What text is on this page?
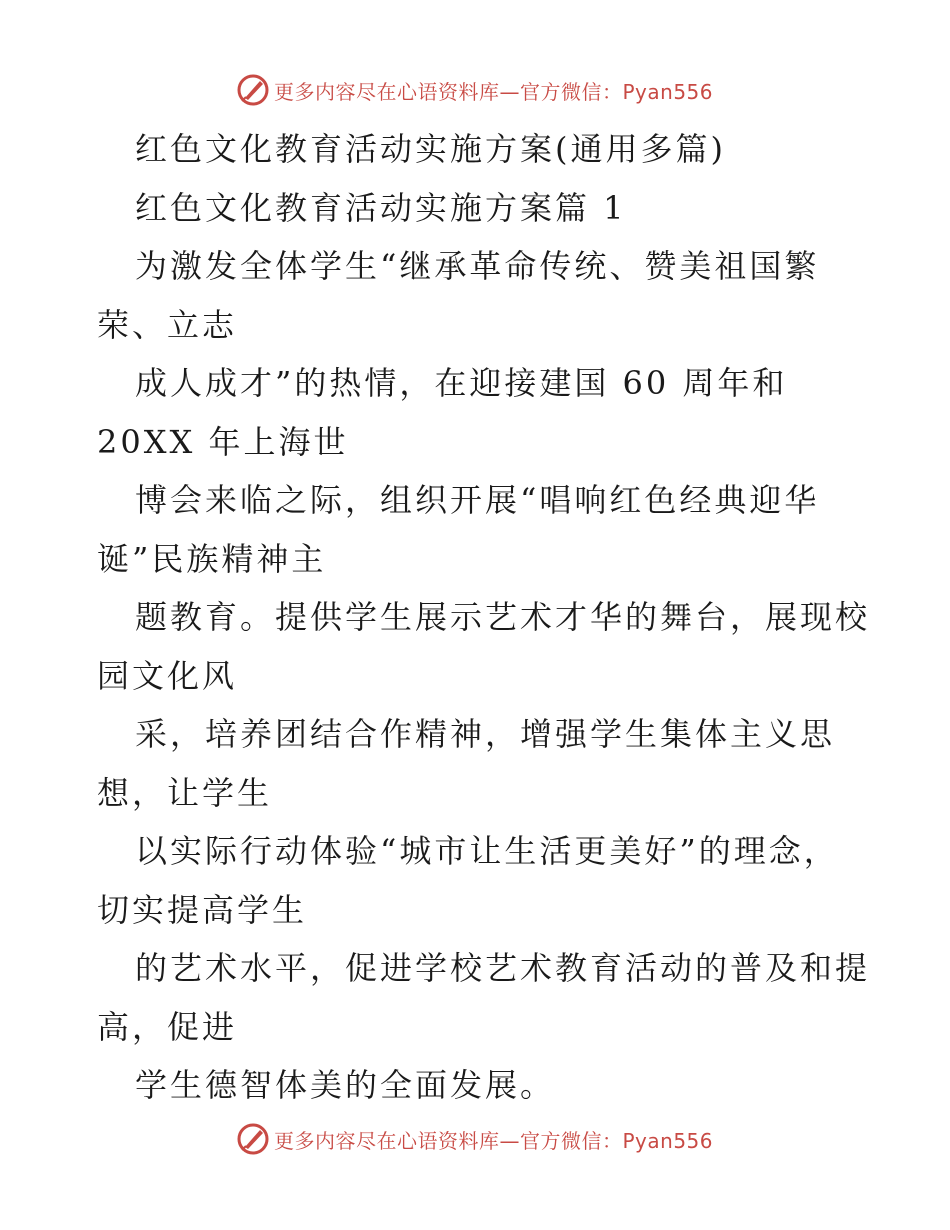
更多内容尽在心语资料库—官方微信：Pyan556
红色文化教育活动实施方案(通用多篇)
红色文化教育活动实施方案篇 1
为激发全体学生“继承革命传统、赞美祖国繁
荣、立志
成人成才”的热情，在迎接建国 60 周年和
20XX 年上海世
博会来临之际，组织开展“唱响红色经典迎华
诞”民族精神主
题教育。提供学生展示艺术才华的舞台，展现校
园文化风
采，培养团结合作精神，增强学生集体主义思
想，让学生
以实际行动体验“城市让生活更美好”的理念，
切实提高学生
的艺术水平，促进学校艺术教育活动的普及和提
高，促进
学生德智体美的全面发展。
更多内容尽在心语资料库—官方微信：Pyan556
